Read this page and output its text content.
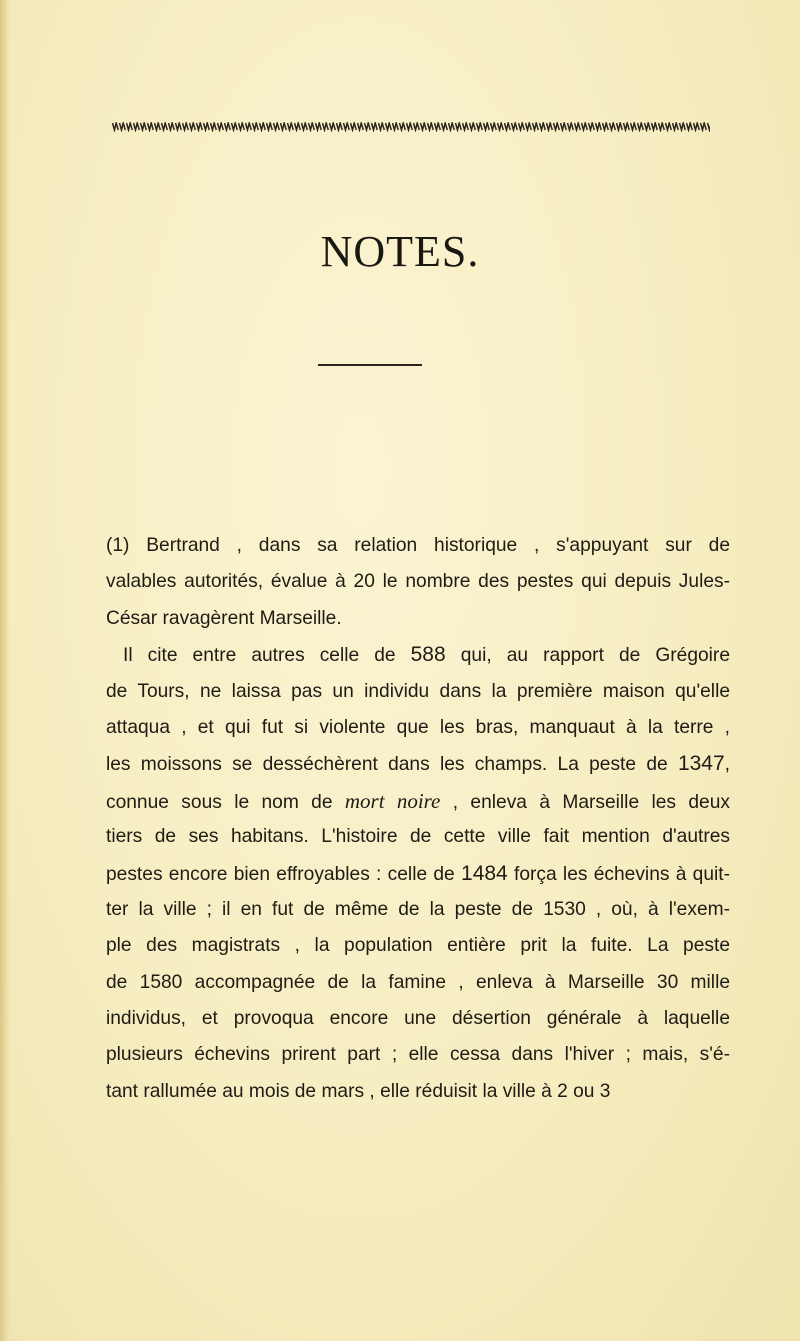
NOTES.
(1) Bertrand , dans sa relation historique , s'appuyant sur de
valables autorités, évalue à 20 le nombre des pestes qui depuis Jules-
César ravagèrent Marseille.
Il cite entre autres celle de 588 qui, au rapport de Grégoire
de Tours, ne laissa pas un individu dans la première maison qu'elle
attaqua , et qui fut si violente que les bras, manquaut à la terre ,
les moissons se desséchèrent dans les champs. La peste de 1347,
connue sous le nom de mort noire , enleva à Marseille les deux
tiers de ses habitans. L'histoire de cette ville fait mention d'autres
pestes encore bien effroyables : celle de 1484 força les échevins à quit-
ter la ville ; il en fut de même de la peste de 1530 , où, à l'exem-
ple des magistrats , la population entière prit la fuite. La peste
de 1580 accompagnée de la famine , enleva à Marseille 30 mille
individus, et provoqua encore une désertion générale à laquelle
plusieurs échevins prirent part ; elle cessa dans l'hiver ; mais, s'é-
tant rallumée au mois de mars , elle réduisit la ville à 2 ou 3
